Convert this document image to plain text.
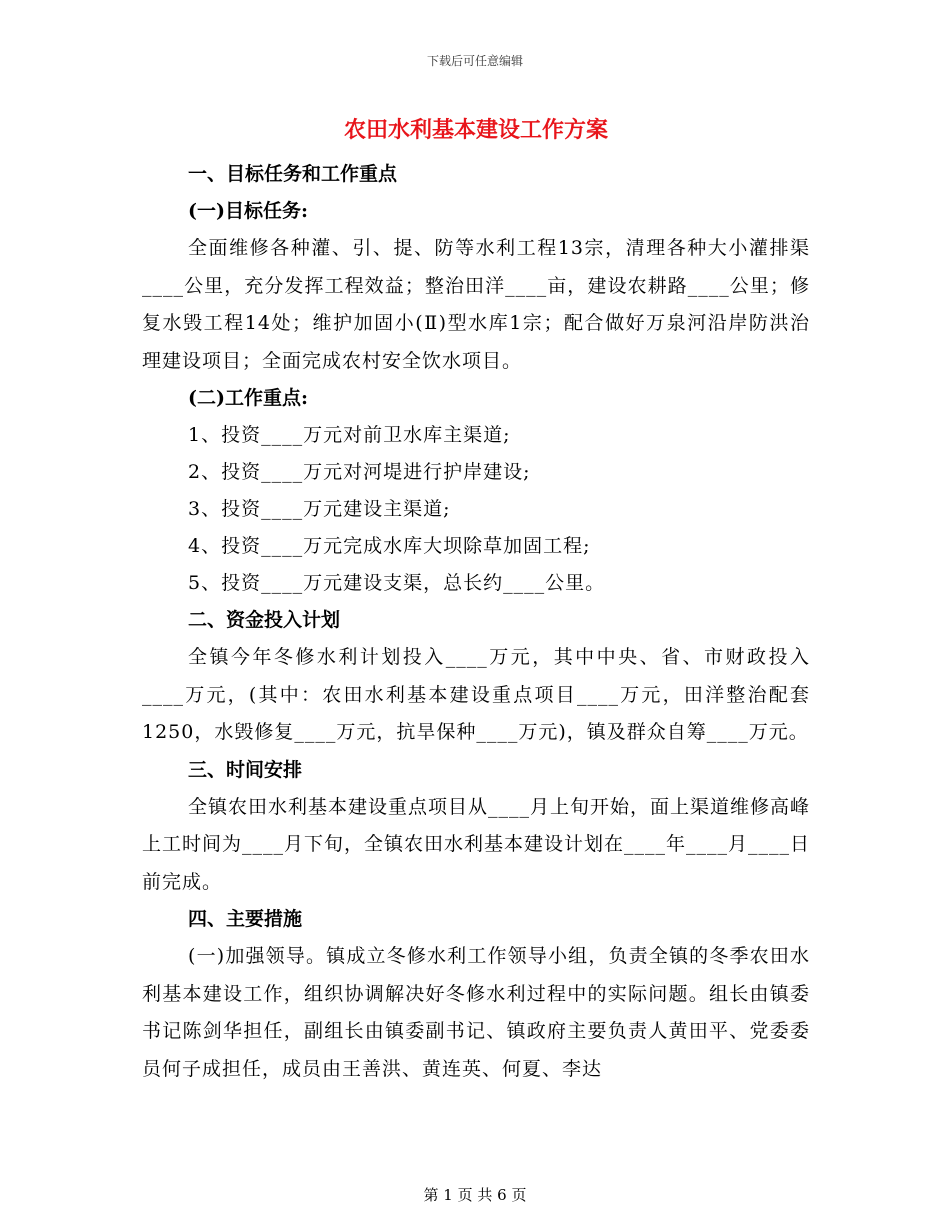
下载后可任意编辑
农田水利基本建设工作方案
一、目标任务和工作重点
(一)目标任务:

全面维修各种灌、引、提、防等水利工程13宗，清理各种大小灌排渠____公里，充分发挥工程效益；整治田洋____亩，建设农耕路____公里；修复水毁工程14处；维护加固小(Ⅱ)型水库1宗；配合做好万泉河沿岸防洪治理建设项目；全面完成农村安全饮水项目。

(二)工作重点:
1、投资____万元对前卫水库主渠道;
2、投资____万元对河堤进行护岸建设;
3、投资____万元建设主渠道;
4、投资____万元完成水库大坝除草加固工程;
5、投资____万元建设支渠，总长约____公里。
二、资金投入计划

全镇今年冬修水利计划投入____万元，其中中央、省、市财政投入____万元，(其中：农田水利基本建设重点项目____万元，田洋整治配套1250，水毁修复____万元，抗旱保种____万元)，镇及群众自筹____万元。

三、时间安排

全镇农田水利基本建设重点项目从____月上旬开始，面上渠道维修高峰上工时间为____月下旬，全镇农田水利基本建设计划在____年____月____日前完成。

四、主要措施

(一)加强领导。镇成立冬修水利工作领导小组，负责全镇的冬季农田水利基本建设工作，组织协调解决好冬修水利过程中的实际问题。组长由镇委书记陈剑华担任，副组长由镇委副书记、镇政府主要负责人黄田平、党委委员何子成担任，成员由王善洪、黄连英、何夏、李达

第 1 页 共 6 页
